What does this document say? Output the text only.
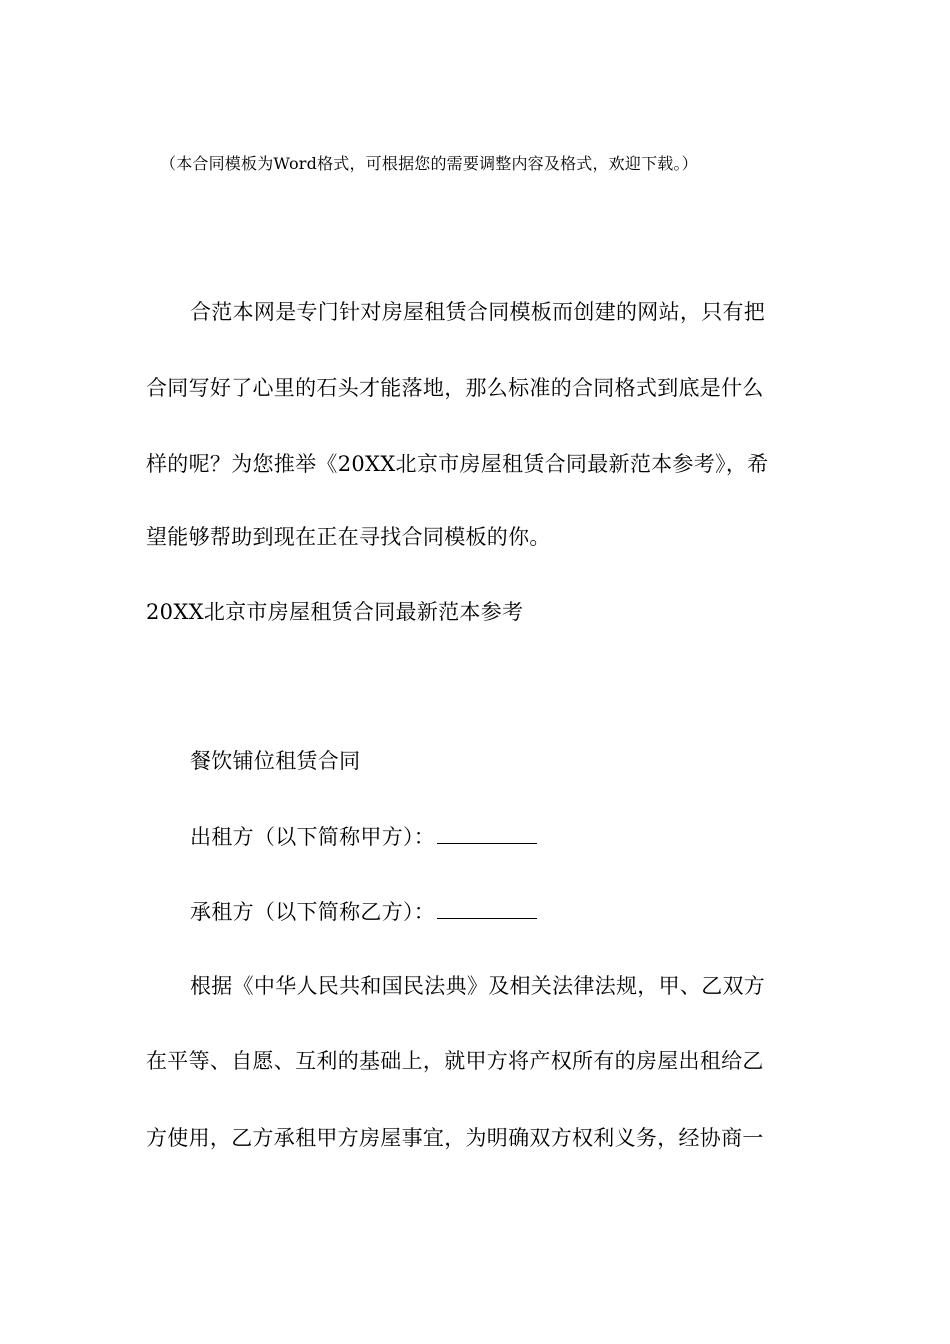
（本合同模板为Word格式，可根据您的需要调整内容及格式，欢迎下载。）
合范本网是专门针对房屋租赁合同模板而创建的网站，只有把
合同写好了心里的石头才能落地，那么标准的合同格式到底是什么
样的呢？为您推举《20XX北京市房屋租赁合同最新范本参考》，希
望能够帮助到现在正在寻找合同模板的你。
20XX北京市房屋租赁合同最新范本参考
餐饮铺位租赁合同
出租方（以下简称甲方）：
承租方（以下简称乙方）：
根据《中华人民共和国民法典》及相关法律法规，甲、乙双方
在平等、自愿、互利的基础上，就甲方将产权所有的房屋出租给乙
方使用，乙方承租甲方房屋事宜，为明确双方权利义务，经协商一
